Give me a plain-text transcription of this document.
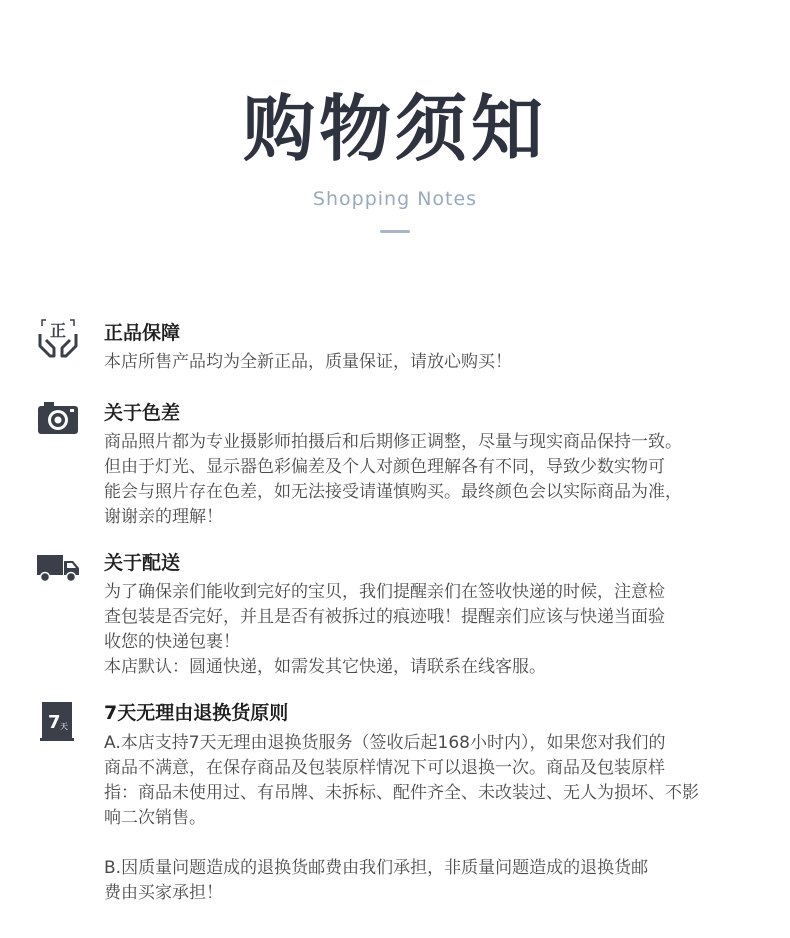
购物须知
Shopping Notes
正 正品保障

本店所售产品均为全新正品，质量保证，请放心购买！

关于色差

商品照片都为专业摄影师拍摄后和后期修正调整，尽量与现实商品保持一致。

但由于灯光、显示器色彩偏差及个人对颜色理解各有不同，导致少数实物可

能会与照片存在色差，如无法接受请谨慎购买。最终颜色会以实际商品为准，

谢谢亲的理解！

关于配送

为了确保亲们能收到完好的宝贝，我们提醒亲们在签收快递的时候，注意检

查包装是否完好，并且是否有被拆过的痕迹哦！提醒亲们应该与快递当面验

收您的快递包裹！

本店默认：圆通快递，如需发其它快递，请联系在线客服。

7 天
7天无理由退换货原则

A.本店支持7天无理由退换货服务（签收后起168小时内），如果您对我们的

商品不满意，在保存商品及包装原样情况下可以退换一次。商品及包装原样

指：商品未使用过、有吊牌、未拆标、配件齐全、未改装过、无人为损坏、不影

响二次销售。

B.因质量问题造成的退换货邮费由我们承担，非质量问题造成的退换货邮

费由买家承担！
